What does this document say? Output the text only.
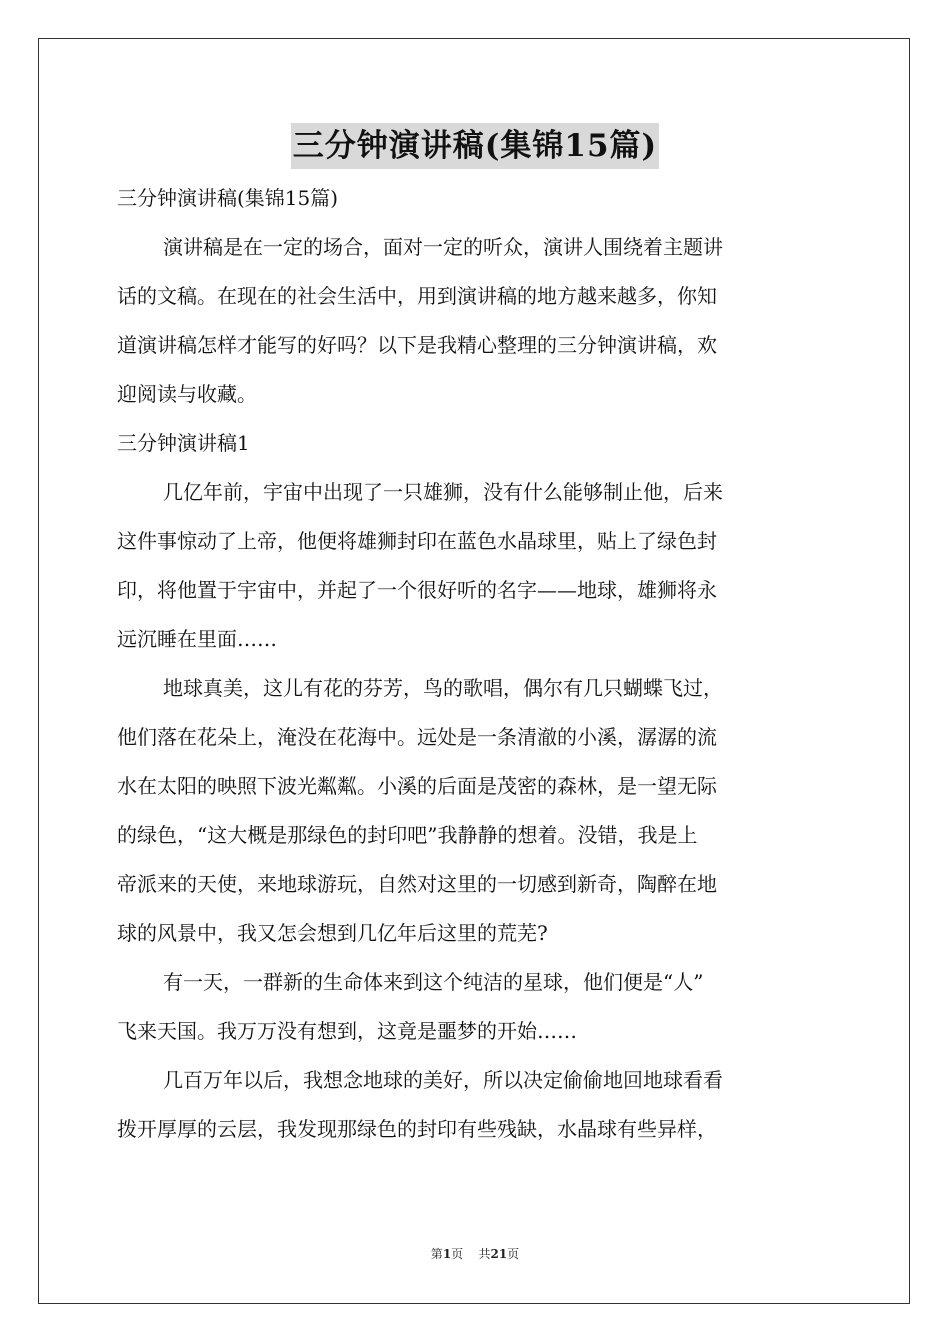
三分钟演讲稿(集锦15篇)

三分钟演讲稿(集锦15篇)

演讲稿是在一定的场合，面对一定的听众，演讲人围绕着主题讲
话的文稿。在现在的社会生活中，用到演讲稿的地方越来越多，你知
道演讲稿怎样才能写的好吗？以下是我精心整理的三分钟演讲稿，欢
迎阅读与收藏。

三分钟演讲稿1

几亿年前，宇宙中出现了一只雄狮，没有什么能够制止他，后来
这件事惊动了上帝，他便将雄狮封印在蓝色水晶球里，贴上了绿色封
印，将他置于宇宙中，并起了一个很好听的名字——地球，雄狮将永
远沉睡在里面……

地球真美，这儿有花的芬芳，鸟的歌唱，偶尔有几只蝴蝶飞过，
他们落在花朵上，淹没在花海中。远处是一条清澈的小溪，潺潺的流
水在太阳的映照下波光粼粼。小溪的后面是茂密的森林，是一望无际
的绿色，“这大概是那绿色的封印吧”我静静的想着。没错，我是上
帝派来的天使，来地球游玩，自然对这里的一切感到新奇，陶醉在地
球的风景中，我又怎会想到几亿年后这里的荒芜?

有一天，一群新的生命体来到这个纯洁的星球，他们便是“人”
飞来天国。我万万没有想到，这竟是噩梦的开始……

几百万年以后，我想念地球的美好，所以决定偷偷地回地球看看
拨开厚厚的云层，我发现那绿色的封印有些残缺，水晶球有些异样，

第1页 共21页
